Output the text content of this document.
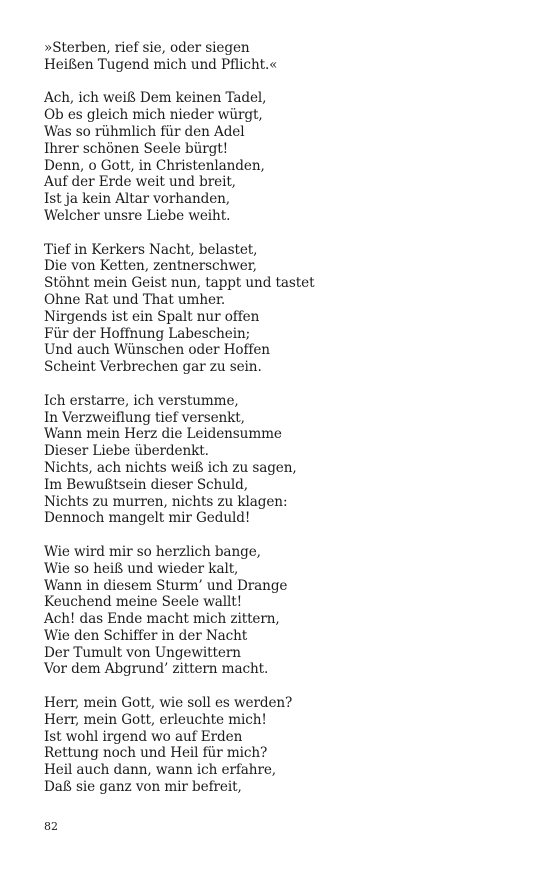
»Sterben, rief sie, oder siegen
Heißen Tugend mich und Pflicht.«
Ach, ich weiß Dem keinen Tadel,
Ob es gleich mich nieder würgt,
Was so rühmlich für den Adel
Ihrer schönen Seele bürgt!
Denn, o Gott, in Christenlanden,
Auf der Erde weit und breit,
Ist ja kein Altar vorhanden,
Welcher unsre Liebe weiht.
Tief in Kerkers Nacht, belastet,
Die von Ketten, zentnerschwer,
Stöhnt mein Geist nun, tappt und tastet
Ohne Rat und That umher.
Nirgends ist ein Spalt nur offen
Für der Hoffnung Labeschein;
Und auch Wünschen oder Hoffen
Scheint Verbrechen gar zu sein.
Ich erstarre, ich verstumme,
In Verzweiflung tief versenkt,
Wann mein Herz die Leidensumme
Dieser Liebe überdenkt.
Nichts, ach nichts weiß ich zu sagen,
Im Bewußtsein dieser Schuld,
Nichts zu murren, nichts zu klagen:
Dennoch mangelt mir Geduld!
Wie wird mir so herzlich bange,
Wie so heiß und wieder kalt,
Wann in diesem Sturm’ und Drange
Keuchend meine Seele wallt!
Ach! das Ende macht mich zittern,
Wie den Schiffer in der Nacht
Der Tumult von Ungewittern
Vor dem Abgrund’ zittern macht.
Herr, mein Gott, wie soll es werden?
Herr, mein Gott, erleuchte mich!
Ist wohl irgend wo auf Erden
Rettung noch und Heil für mich?
Heil auch dann, wann ich erfahre,
Daß sie ganz von mir befreit,
82
